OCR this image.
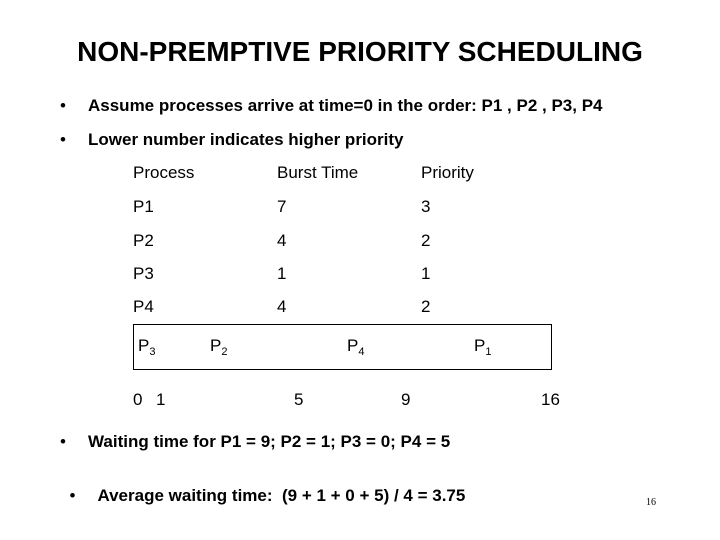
NON-PREMPTIVE PRIORITY SCHEDULING
• Assume processes arrive at time=0 in the order: P1 , P2 , P3, P4
• Lower number indicates higher priority
Process	Burst Time	Priority
P1	7	3
P2	4	2
P3	1	1
P4	4	2
$P_3$	$P_2$	$P_4$	$P_1$
0 1	5	9	16
• Waiting time for P1 = 9; P2 = 1; P3 = 0; P4 = 5

• Average waiting time:  (9 + 1 + 0 + 5) / 4 = 3.75	16
